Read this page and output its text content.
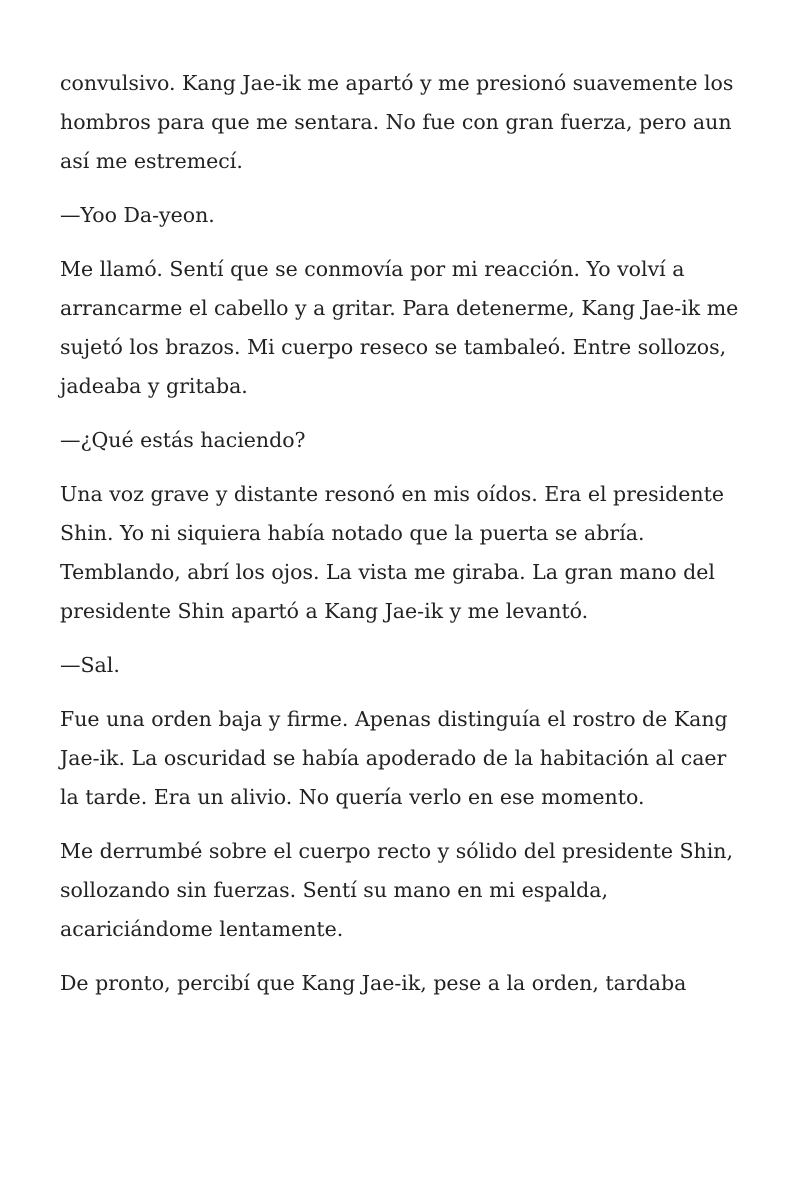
convulsivo. Kang Jae-ik me apartó y me presionó suavemente los hombros para que me sentara. No fue con gran fuerza, pero aun así me estremecí.

—Yoo Da-yeon.

Me llamó. Sentí que se conmovía por mi reacción. Yo volví a arrancarme el cabello y a gritar. Para detenerme, Kang Jae-ik me sujetó los brazos. Mi cuerpo reseco se tambaleó. Entre sollozos, jadeaba y gritaba.

—¿Qué estás haciendo?

Una voz grave y distante resonó en mis oídos. Era el presidente Shin. Yo ni siquiera había notado que la puerta se abría. Temblando, abrí los ojos. La vista me giraba. La gran mano del presidente Shin apartó a Kang Jae-ik y me levantó.

—Sal.

Fue una orden baja y firme. Apenas distinguía el rostro de Kang Jae-ik. La oscuridad se había apoderado de la habitación al caer la tarde. Era un alivio. No quería verlo en ese momento.

Me derrumbé sobre el cuerpo recto y sólido del presidente Shin, sollozando sin fuerzas. Sentí su mano en mi espalda, acariciándome lentamente.

De pronto, percibí que Kang Jae-ik, pese a la orden, tardaba
